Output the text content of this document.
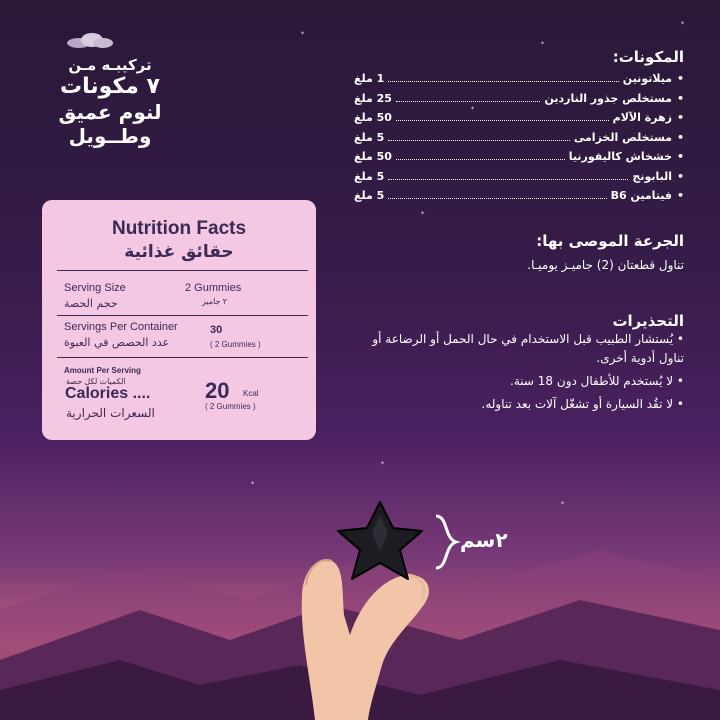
✦
✦
✦
✦
✦
✦
✦
✦
تركيبـه مـن
٧ مكونات
لنوم عميق
وطــويل
Nutrition Facts
حقائق غذائية
Serving Size
حجم الحصة
2 Gummies
٢ جاميز
Servings Per Container
عدد الحصص في العبوة
30
( 2 Gummies )
Amount Per Serving
الكميات لكل حصة
Calories ....
السعرات الحرارية
20 Kcal
( 2 Gummies )
المكونات:
•
ميلاتونين
1 ملغ
•
مستخلص جذور الناردين
25 ملغ
•
زهرة الآلام
50 ملغ
•
مستخلص الخزامى
5 ملغ
•
خشخاش كاليفورنيا
50 ملغ
•
البابونج
5 ملغ
•
فيتامين B6
5 ملغ
الجرعة الموصى بها:
تناول قطعتان (2) جاميـز يوميـا.
التحذيرات
• يُستشار الطبيب قبل الاستخدام في حال الحمل أو الرضاعة أو تناول أدوية أخرى.
• لا يُستخدم للأطفال دون 18 سنة.
• لا تقُد السيارة أو تشغّل آلات بعد تناوله.
٢سم
